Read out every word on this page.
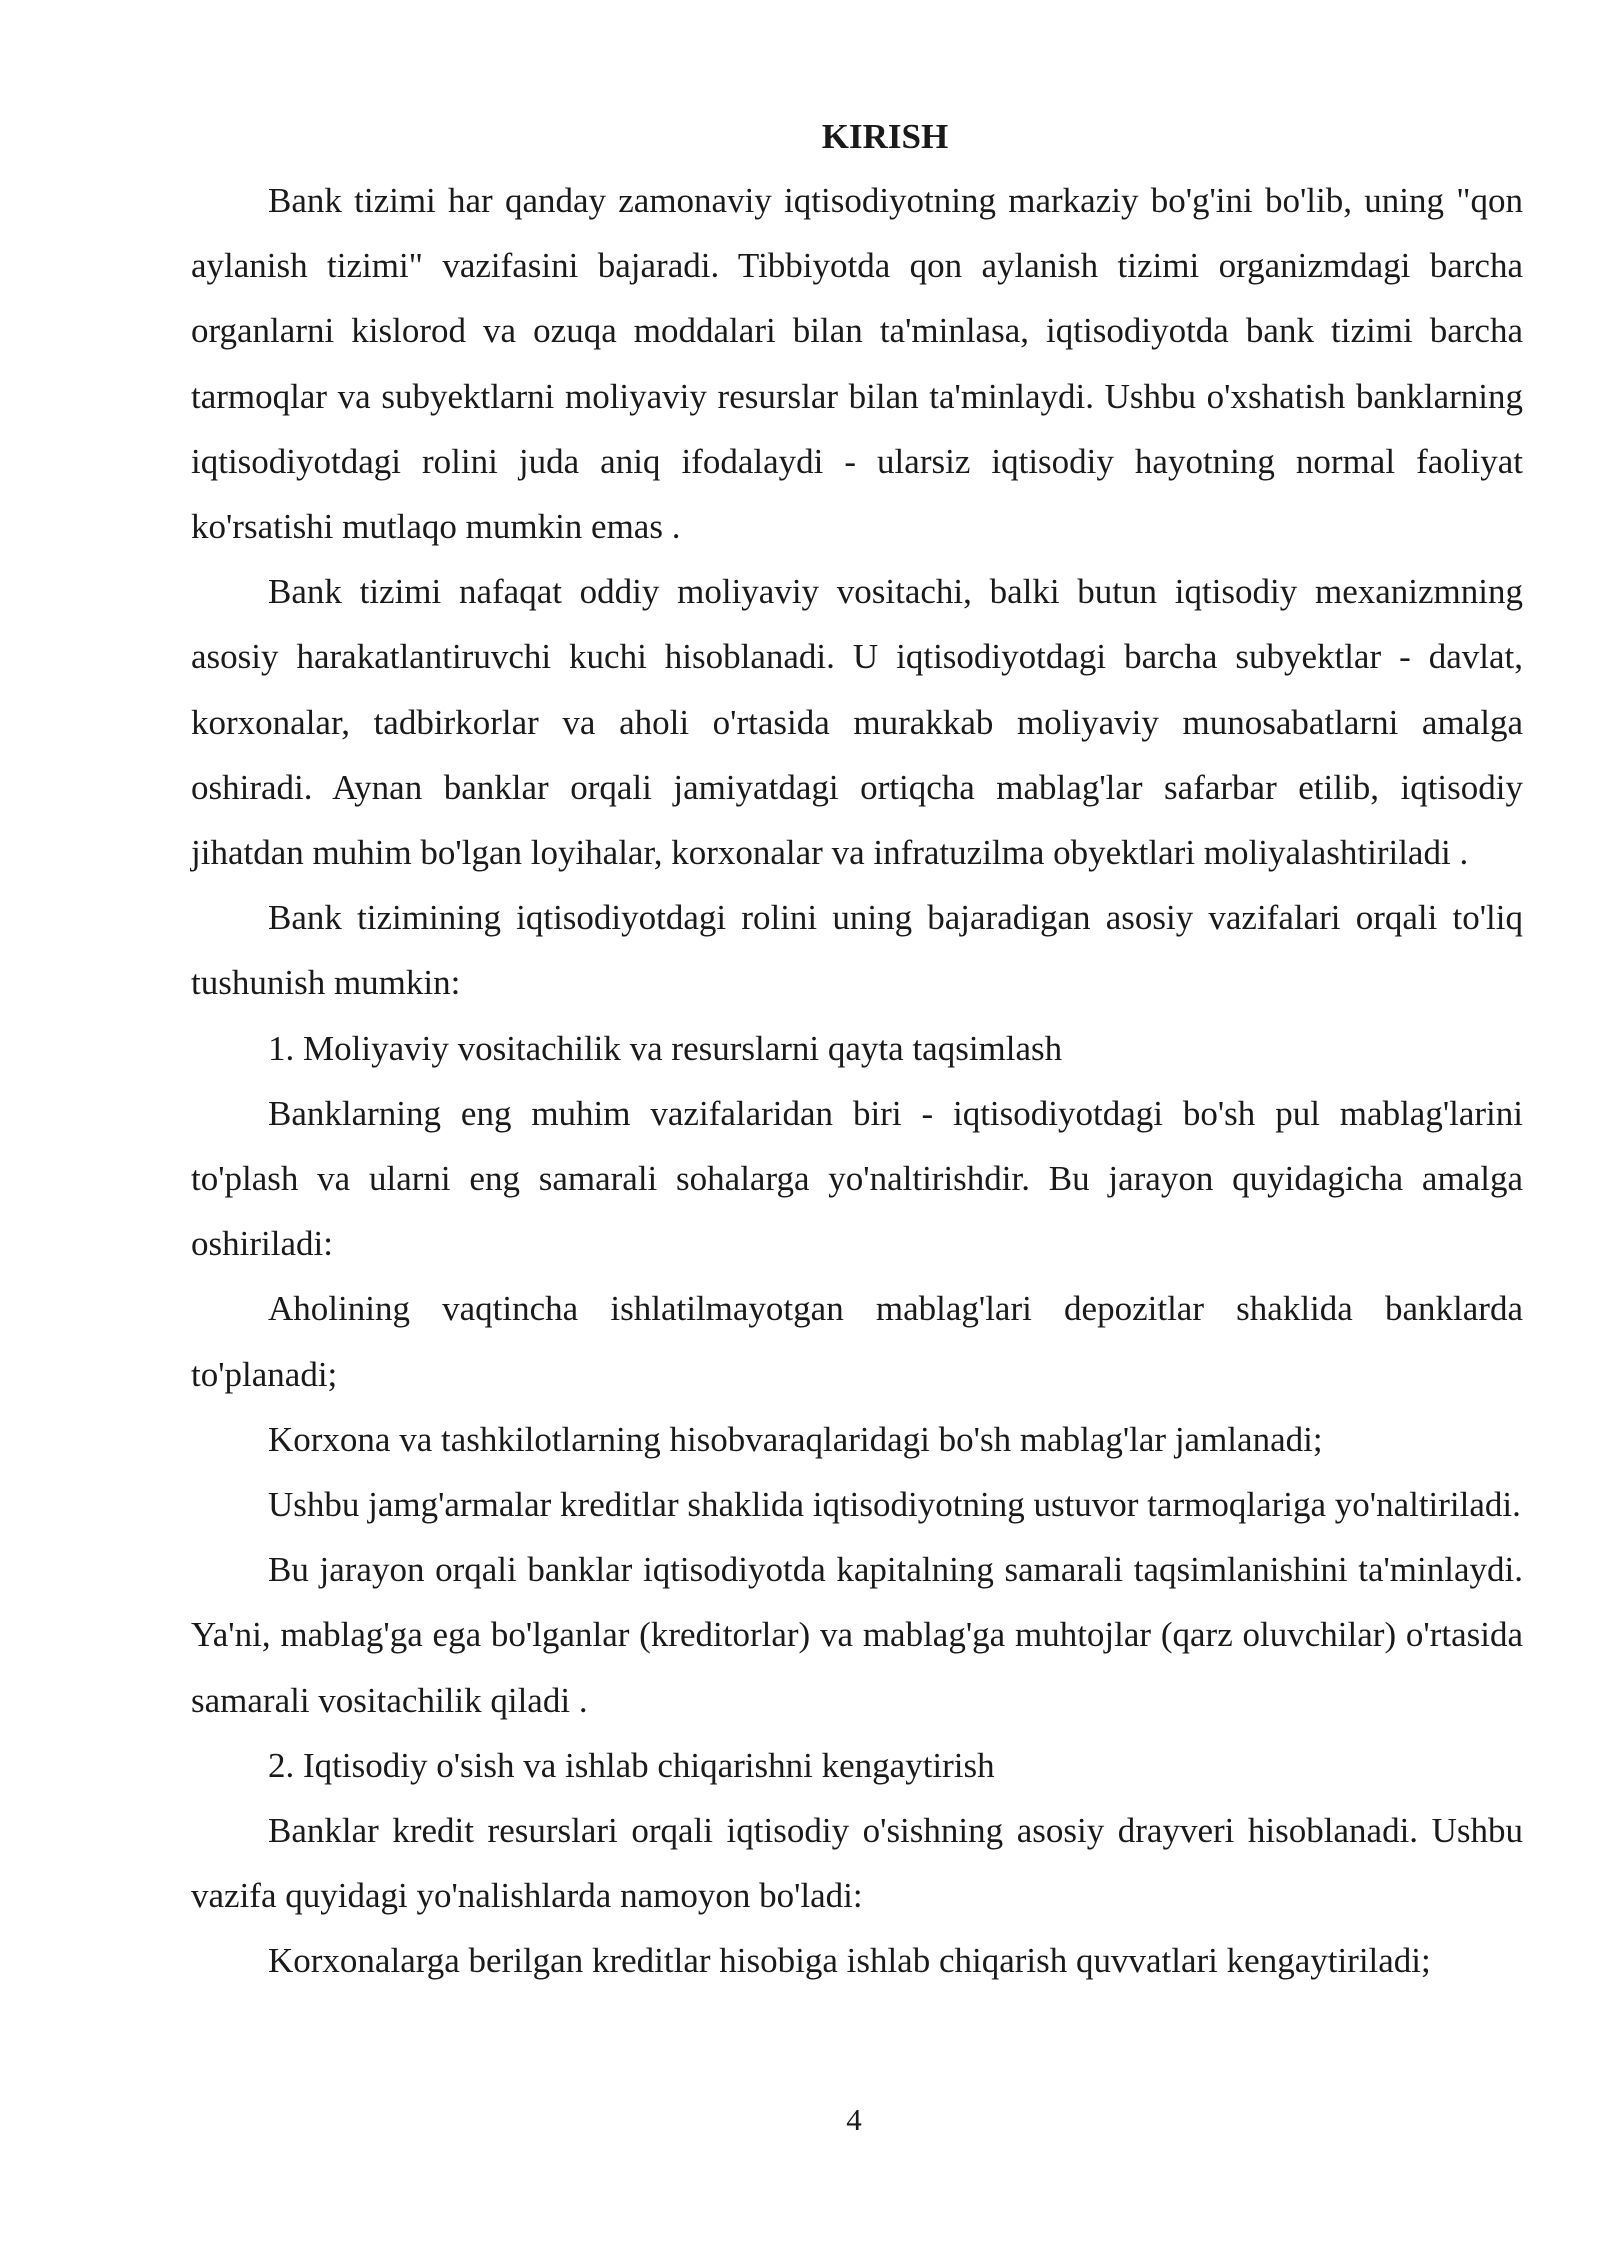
KIRISH

Bank tizimi har qanday zamonaviy iqtisodiyotning markaziy bo'g'ini bo'lib, uning "qon aylanish tizimi" vazifasini bajaradi. Tibbiyotda qon aylanish tizimi organizmdagi barcha organlarni kislorod va ozuqa moddalari bilan ta'minlasa, iqtisodiyotda bank tizimi barcha tarmoqlar va subyektlarni moliyaviy resurslar bilan ta'minlaydi. Ushbu o'xshatish banklarning iqtisodiyotdagi rolini juda aniq ifodalaydi - ularsiz iqtisodiy hayotning normal faoliyat ko'rsatishi mutlaqo mumkin emas .

Bank tizimi nafaqat oddiy moliyaviy vositachi, balki butun iqtisodiy mexanizmning asosiy harakatlantiruvchi kuchi hisoblanadi. U iqtisodiyotdagi barcha subyektlar - davlat, korxonalar, tadbirkorlar va aholi o'rtasida murakkab moliyaviy munosabatlarni amalga oshiradi. Aynan banklar orqali jamiyatdagi ortiqcha mablag'lar safarbar etilib, iqtisodiy jihatdan muhim bo'lgan loyihalar, korxonalar va infratuzilma obyektlari moliyalashtiriladi .

Bank tizimining iqtisodiyotdagi rolini uning bajaradigan asosiy vazifalari orqali to'liq tushunish mumkin:

1. Moliyaviy vositachilik va resurslarni qayta taqsimlash

Banklarning eng muhim vazifalaridan biri - iqtisodiyotdagi bo'sh pul mablag'larini to'plash va ularni eng samarali sohalarga yo'naltirishdir. Bu jarayon quyidagicha amalga oshiriladi:

Aholining vaqtincha ishlatilmayotgan mablag'lari depozitlar shaklida banklarda to'planadi;

Korxona va tashkilotlarning hisobvaraqlaridagi bo'sh mablag'lar jamlanadi;

Ushbu jamg'armalar kreditlar shaklida iqtisodiyotning ustuvor tarmoqlariga yo'naltiriladi.

Bu jarayon orqali banklar iqtisodiyotda kapitalning samarali taqsimlanishini ta'minlaydi. Ya'ni, mablag'ga ega bo'lganlar (kreditorlar) va mablag'ga muhtojlar (qarz oluvchilar) o'rtasida samarali vositachilik qiladi .

2. Iqtisodiy o'sish va ishlab chiqarishni kengaytirish

Banklar kredit resurslari orqali iqtisodiy o'sishning asosiy drayveri hisoblanadi. Ushbu vazifa quyidagi yo'nalishlarda namoyon bo'ladi:

Korxonalarga berilgan kreditlar hisobiga ishlab chiqarish quvvatlari kengaytiriladi;

4
